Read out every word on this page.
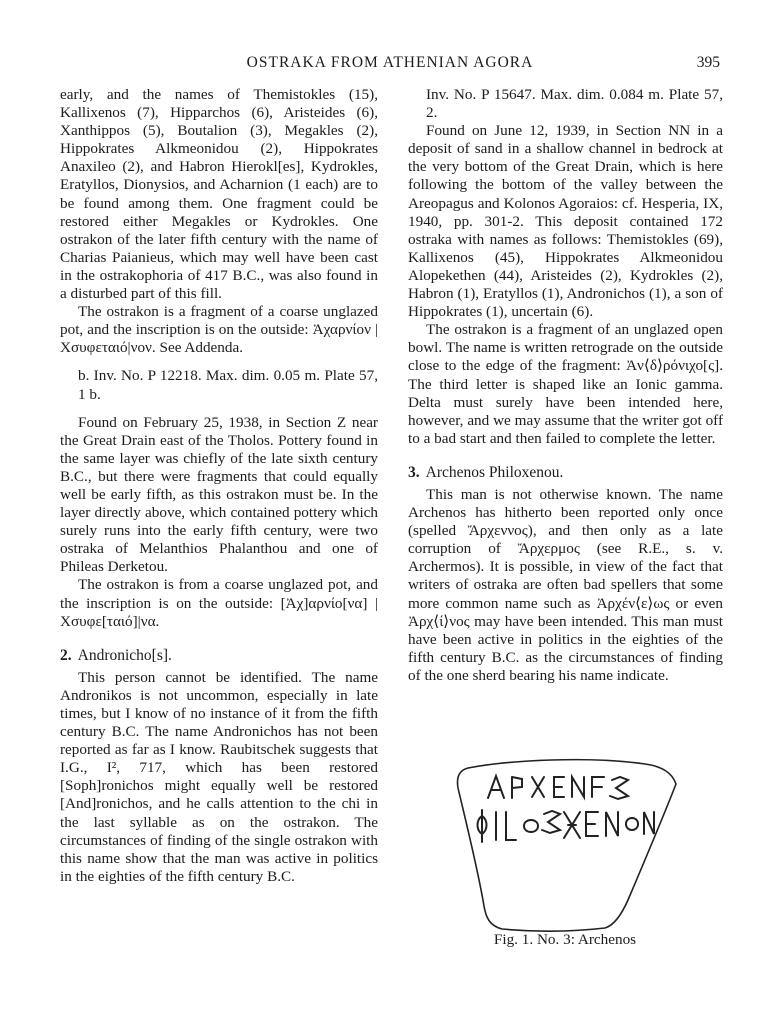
OSTRAKA FROM ATHENIAN AGORA	395

early, and the names of Themistokles (15), Kallixenos (7), Hipparchos (6), Aristeides (6), Xanthippos (5), Boutalion (3), Megakles (2), Hippokrates Alkmeonidou (2), Hippokrates Anaxileo (2), and Habron Hierokl[es], Kydrokles, Eratyllos, Dionysios, and Acharnion (1 each) are to be found among them. One fragment could be restored either Megakles or Kydrokles. One ostrakon of the later fifth century with the name of Charias Paianieus, which may well have been cast in the ostrakophoria of 417 B.C., was also found in a disturbed part of this fill.

The ostrakon is a fragment of a coarse unglazed pot, and the inscription is on the outside: Ἀχαρνίον | Χσυφεταιό|νον. See Addenda.

b. Inv. No. P 12218. Max. dim. 0.05 m. Plate 57, 1 b.

Found on February 25, 1938, in Section Z near the Great Drain east of the Tholos. Pottery found in the same layer was chiefly of the late sixth century B.C., but there were fragments that could equally well be early fifth, as this ostrakon must be. In the layer directly above, which contained pottery which surely runs into the early fifth century, were two ostraka of Melanthios Phalanthou and one of Phileas Derketou.

The ostrakon is from a coarse unglazed pot, and the inscription is on the outside: [Ἀχ]αρνίο[να] | Χσυφε[ταιό]|να.

2. Andronicho[s].

This person cannot be identified. The name Andronikos is not uncommon, especially in late times, but I know of no instance of it from the fifth century B.C. The name Andronichos has not been reported as far as I know. Raubitschek suggests that I.G., I², 717, which has been restored [Soph]ronichos might equally well be restored [And]ronichos, and he calls attention to the chi in the last syllable as on the ostrakon. The circumstances of finding of the single ostrakon with this name show that the man was active in politics in the eighties of the fifth century B.C.

Inv. No. P 15647. Max. dim. 0.084 m. Plate 57, 2.

Found on June 12, 1939, in Section NN in a deposit of sand in a shallow channel in bedrock at the very bottom of the Great Drain, which is here following the bottom of the valley between the Areopagus and Kolonos Agoraios: cf. Hesperia, IX, 1940, pp. 301-2. This deposit contained 172 ostraka with names as follows: Themistokles (69), Kallixenos (45), Hippokrates Alkmeonidou Alopekethen (44), Aristeides (2), Kydrokles (2), Habron (1), Eratyllos (1), Andronichos (1), a son of Hippokrates (1), uncertain (6).

The ostrakon is a fragment of an unglazed open bowl. The name is written retrograde on the outside close to the edge of the fragment: Ἀν⟨δ⟩ρόνιχο[ς]. The third letter is shaped like an Ionic gamma. Delta must surely have been intended here, however, and we may assume that the writer got off to a bad start and then failed to complete the letter.

3. Archenos Philoxenou.

This man is not otherwise known. The name Archenos has hitherto been reported only once (spelled Ἄρχεννος), and then only as a late corruption of Ἄρχερμος (see R.E., s. v. Archermos). It is possible, in view of the fact that writers of ostraka are often bad spellers that some more common name such as Ἀρχέν⟨ε⟩ως or even Ἀρχ⟨ί⟩νος may have been intended. This man must have been active in politics in the eighties of the fifth century B.C. as the circumstances of finding of the one sherd bearing his name indicate.

Fig. 1. No. 3: Archenos
